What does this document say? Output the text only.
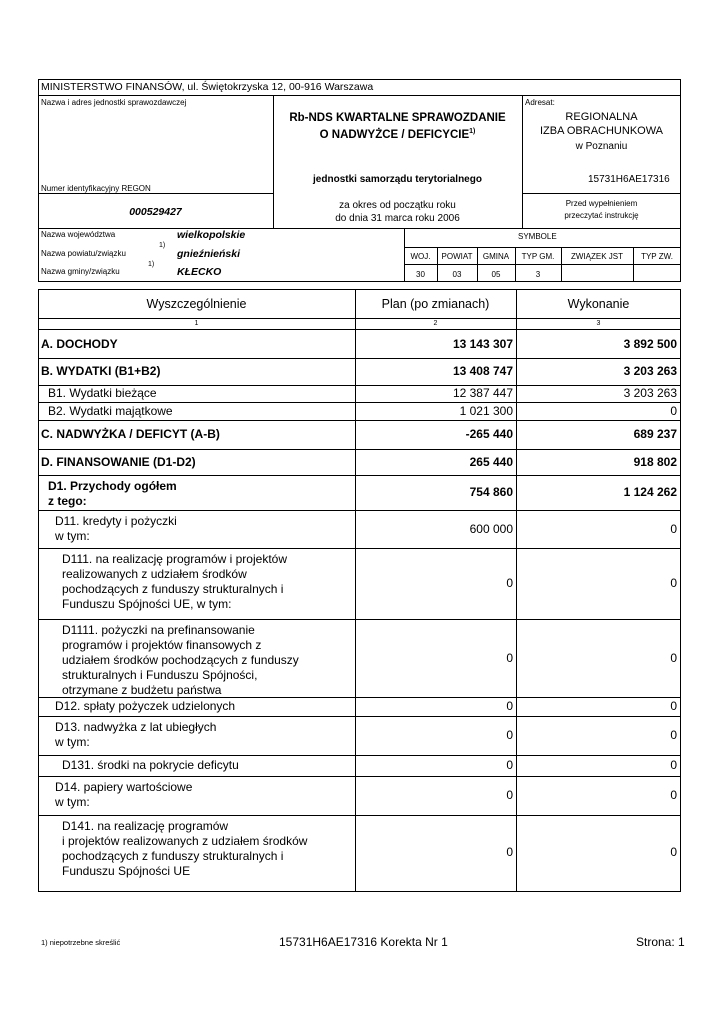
MINISTERSTWO FINANSÓW, ul. Świętokrzyska 12, 00-916 Warszawa
Nazwa i adres jednostki sprawozdawczej
Rb-NDS KWARTALNE SPRAWOZDANIE
O NADWYŻCE / DEFICYCIE$^{1)}$
jednostki samorządu terytorialnego
Adresat:
REGIONALNA
IZBA OBRACHUNKOWA
w Poznaniu
15731H6AE17316
Numer identyfikacyjny REGON
000529427
za okres od początku roku
do dnia 31 marca roku 2006
Przed wypełnieniem
przeczytać instrukcję
Nazwa województwa	wielkopolskie
Nazwa powiatu/związku
1)
gnieźnieński
Nazwa gminy/związku
1)
KŁECKO
SYMBOLE
WOJ.	POWIAT	GMINA	TYP GM.	ZWIĄZEK JST	TYP ZW.
30	03	05	3
Wyszczególnienie	Plan (po zmianach)	Wykonanie
1	2	3
A. DOCHODY	13 143 307	3 892 500
B. WYDATKI (B1+B2)	13 408 747	3 203 263
B1. Wydatki bieżące	12 387 447	3 203 263
B2. Wydatki majątkowe	1 021 300	0
C. NADWYŻKA / DEFICYT (A-B)	-265 440	689 237
D. FINANSOWANIE (D1-D2)	265 440	918 802
D1. Przychody ogółem
z tego:
754 860	1 124 262
D11. kredyty i pożyczki
w tym:	600 000	0
D111. na realizację programów i projektów
realizowanych z udziałem środków
pochodzących z funduszy strukturalnych i
Funduszu Spójności UE, w tym:
0	0
D1111. pożyczki na prefinansowanie
programów i projektów finansowych z
udziałem środków pochodzących z funduszy
strukturalnych i Funduszu Spójności,
otrzymane z budżetu państwa
0	0
D12. spłaty pożyczek udzielonych	0	0
D13. nadwyżka z lat ubiegłych
w tym:	0	0
D131. środki na pokrycie deficytu	0	0
D14. papiery wartościowe
w tym:	0	0
D141. na realizację programów
i projektów realizowanych z udziałem środków
pochodzących z funduszy strukturalnych i
Funduszu Spójności UE
0	0
1) niepotrzebne skreślić	15731H6AE17316 Korekta Nr 1	Strona: 1
